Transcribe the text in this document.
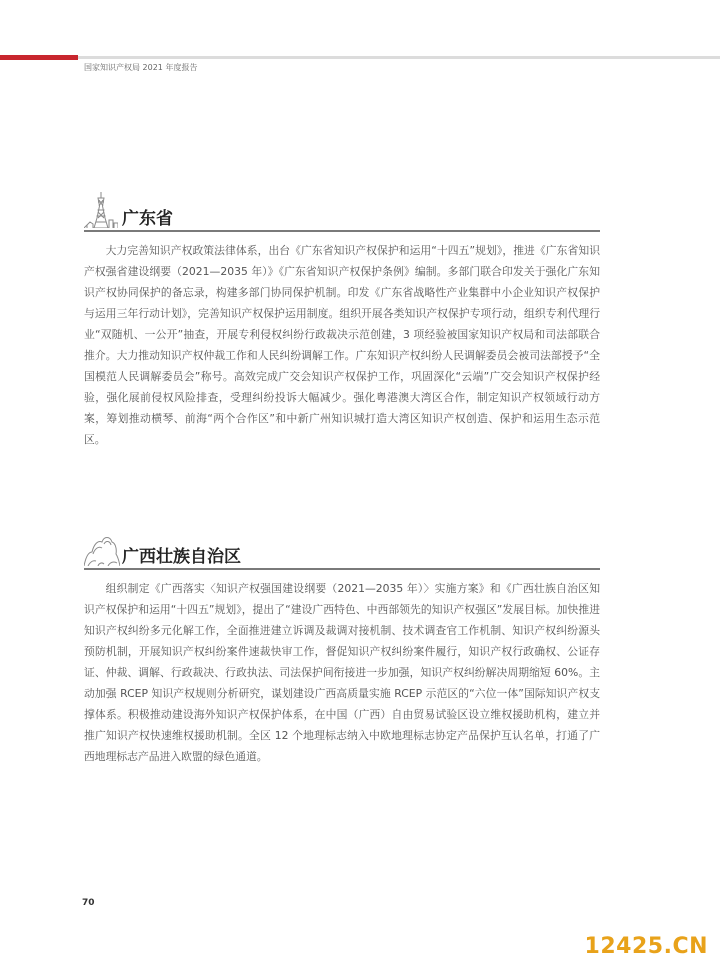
国家知识产权局 2021 年度报告
广东省

大力完善知识产权政策法律体系，出台《广东省知识产权保护和运用“十四五”规划》，推进《广东省知识产权强省建设纲要（2021—2035 年）》《广东省知识产权保护条例》编制。多部门联合印发关于强化广东知识产权协同保护的备忘录，构建多部门协同保护机制。印发《广东省战略性产业集群中小企业知识产权保护与运用三年行动计划》，完善知识产权保护运用制度。组织开展各类知识产权保护专项行动，组织专利代理行业“双随机、一公开”抽查，开展专利侵权纠纷行政裁决示范创建，3 项经验被国家知识产权局和司法部联合推介。大力推动知识产权仲裁工作和人民纠纷调解工作。广东知识产权纠纷人民调解委员会被司法部授予“全国模范人民调解委员会”称号。高效完成广交会知识产权保护工作，巩固深化“云端”广交会知识产权保护经验，强化展前侵权风险排查，受理纠纷投诉大幅减少。强化粤港澳大湾区合作，制定知识产权领域行动方案，筹划推动横琴、前海“两个合作区”和中新广州知识城打造大湾区知识产权创造、保护和运用生态示范区。

广西壮族自治区

组织制定《广西落实〈知识产权强国建设纲要（2021—2035 年）〉实施方案》和《广西壮族自治区知识产权保护和运用“十四五”规划》，提出了“建设广西特色、中西部领先的知识产权强区”发展目标。加快推进知识产权纠纷多元化解工作，全面推进建立诉调及裁调对接机制、技术调查官工作机制、知识产权纠纷源头预防机制，开展知识产权纠纷案件速裁快审工作，督促知识产权纠纷案件履行，知识产权行政确权、公证存证、仲裁、调解、行政裁决、行政执法、司法保护间衔接进一步加强，知识产权纠纷解决周期缩短 60%。主动加强 RCEP 知识产权规则分析研究，谋划建设广西高质量实施 RCEP 示范区的“六位一体”国际知识产权支撑体系。积极推动建设海外知识产权保护体系，在中国（广西）自由贸易试验区设立维权援助机构，建立并推广知识产权快速维权援助机制。全区 12 个地理标志纳入中欧地理标志协定产品保护互认名单，打通了广西地理标志产品进入欧盟的绿色通道。

70
12425.CN
